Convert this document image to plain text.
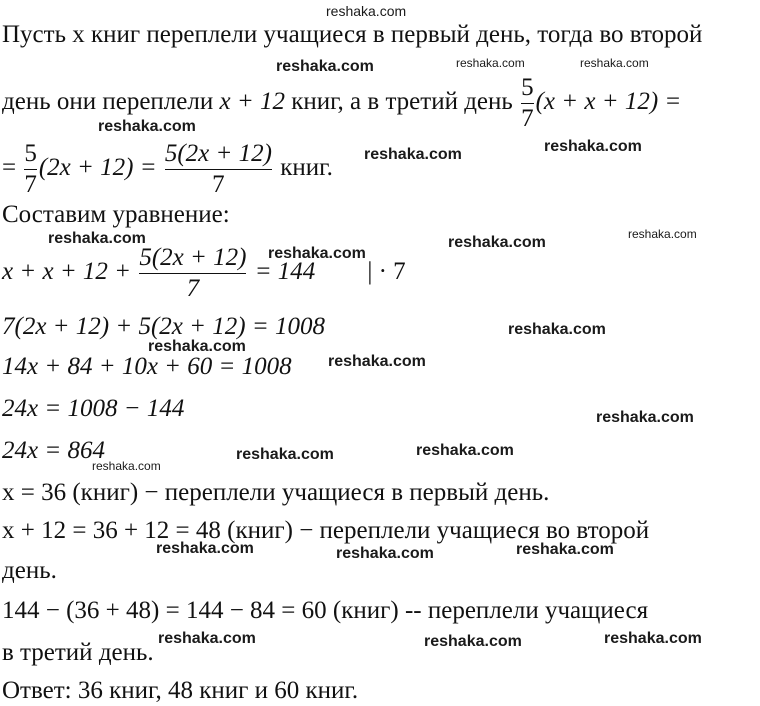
Пусть x книг переплели учащиеся в первый день, тогда во второй
день они переплели x + 12 книг, а в третий день $\frac{5}{7} (x + x + 12)$ =
= $\frac{5}{7} (2x + 12) = \frac{5(2x + 12)}{7}$ книг.
Составим уравнение:
$x + x + 12 + \frac{5(2x + 12)}{7} = 144$ | · 7
7(2x + 12) + 5(2x + 12) = 1008
14x + 84 + 10x + 60 = 1008
24x = 1008 − 144
24x = 864
x = 36 (книг) − переплели учащиеся в первый день.
x + 12 = 36 + 12 = 48 (книг) − переплели учащиеся во второй
день.
144 − (36 + 48) = 144 − 84 = 60 (книг) -- переплели учащиеся
в третий день.
Ответ: 36 книг, 48 книг и 60 книг.
reshaka.com
reshaka.com	reshaka.com	reshaka.com
reshaka.com
reshaka.com	reshaka.com
reshaka.com
reshaka.com
reshaka.com	reshaka.com
reshaka.com
reshaka.com
reshaka.com
reshaka.com
reshaka.com
reshaka.com
reshaka.com
reshaka.com	reshaka.com	reshaka.com
reshaka.com	reshaka.com	reshaka.com
